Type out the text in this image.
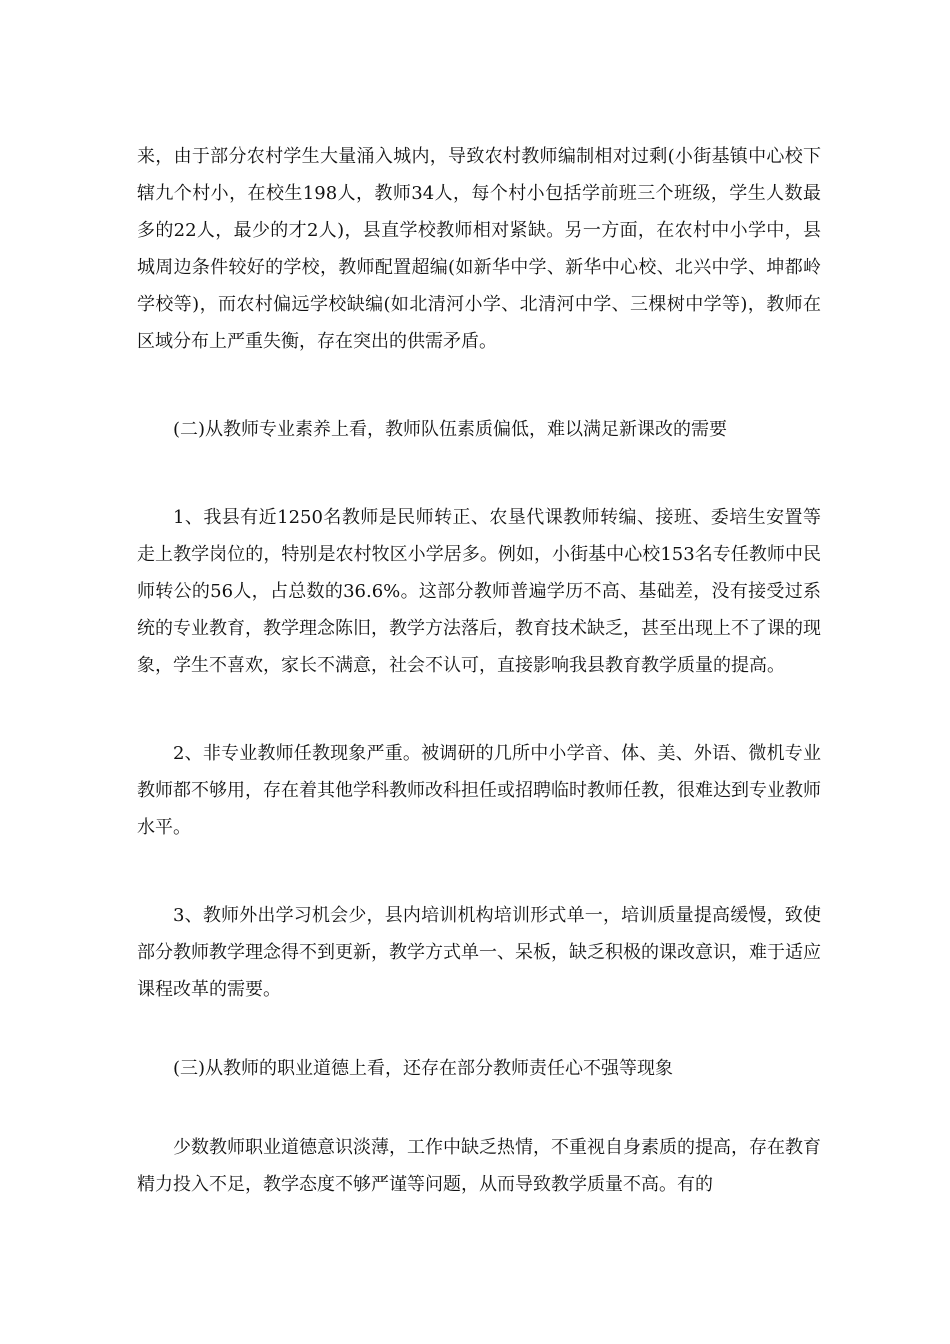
来，由于部分农村学生大量涌入城内，导致农村教师编制相对过剩(小街基镇中心校下辖九个村小，在校生198人，教师34人，每个村小包括学前班三个班级，学生人数最多的22人，最少的才2人)，县直学校教师相对紧缺。另一方面，在农村中小学中，县城周边条件较好的学校，教师配置超编(如新华中学、新华中心校、北兴中学、坤都岭学校等)，而农村偏远学校缺编(如北清河小学、北清河中学、三棵树中学等)，教师在区域分布上严重失衡，存在突出的供需矛盾。

(二)从教师专业素养上看，教师队伍素质偏低，难以满足新课改的需要

1、我县有近1250名教师是民师转正、农垦代课教师转编、接班、委培生安置等走上教学岗位的，特别是农村牧区小学居多。例如，小街基中心校153名专任教师中民师转公的56人，占总数的36.6%。这部分教师普遍学历不高、基础差，没有接受过系统的专业教育，教学理念陈旧，教学方法落后，教育技术缺乏，甚至出现上不了课的现象，学生不喜欢，家长不满意，社会不认可，直接影响我县教育教学质量的提高。

2、非专业教师任教现象严重。被调研的几所中小学音、体、美、外语、微机专业教师都不够用，存在着其他学科教师改科担任或招聘临时教师任教，很难达到专业教师水平。

3、教师外出学习机会少，县内培训机构培训形式单一，培训质量提高缓慢，致使部分教师教学理念得不到更新，教学方式单一、呆板，缺乏积极的课改意识，难于适应课程改革的需要。

(三)从教师的职业道德上看，还存在部分教师责任心不强等现象

少数教师职业道德意识淡薄，工作中缺乏热情，不重视自身素质的提高，存在教育精力投入不足，教学态度不够严谨等问题，从而导致教学质量不高。有的
